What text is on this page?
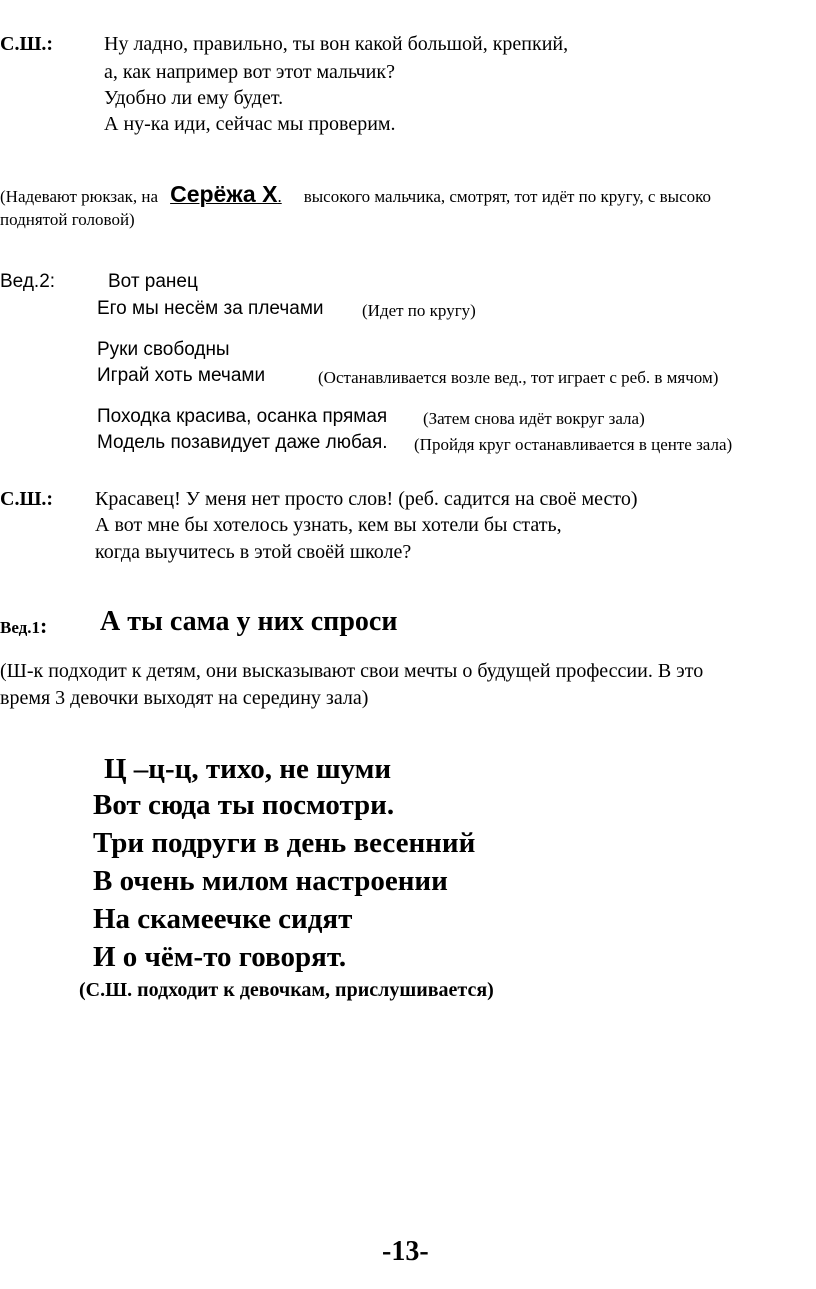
С.Ш.:	Ну ладно, правильно, ты вон какой большой, крепкий,
а, как например вот этот мальчик?
Удобно ли ему будет.
А ну-ка иди, сейчас мы проверим.
(Надевают рюкзак, на Серёжа Х. высокого мальчика, смотрят, тот идёт по кругу, с высоко
поднятой головой)
Вед.2:	Вот ранец
Его мы несём за плечами (Идет по кругу)
Руки свободны
Играй хоть мечами	(Останавливается возле вед., тот играет с реб. в мячом)
Походка красива, осанка прямая (Затем снова идёт вокруг зала)
Модель позавидует даже любая. (Пройдя круг останавливается в центе зала)
С.Ш.: Красавец! У меня нет просто слов! (реб. садится на своё место)
А вот мне бы хотелось узнать, кем вы хотели бы стать,
когда выучитесь в этой своёй школе?
Вед.1: А ты сама у них спроси
(Ш-к подходит к детям, они высказывают свои мечты о будущей профессии. В это
время 3 девочки выходят на середину зала)
Ц –ц-ц, тихо, не шуми
Вот сюда ты посмотри.
Три подруги в день весенний
В очень милом настроении
На скамеечке сидят
И о чём-то говорят.
(С.Ш. подходит к девочкам, прислушивается)
-13-
